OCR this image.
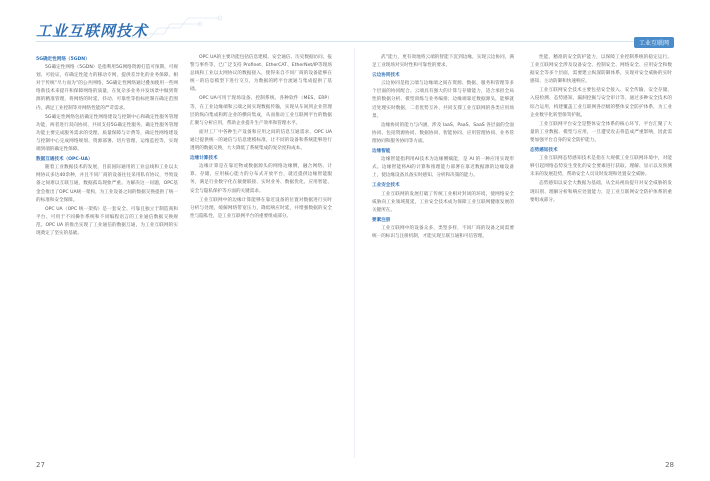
工业互联网技术
工业互联网
5G确定性网络（5GDN）

5G确定性网络（5GDN）是指利用5G网络资源打造可预期、可规划、可验证，有确定性能力的移动专网，提供差异化的业务保障。相对于传统“尽力而为”的公共网络，5G确定性网络通过叠加使用一些网络新技术来提升和保障网络的质量，在复杂多业务并发场景中做到资源的精准管理，将网络的时延、抖动、可靠性等指标控制在确定范围内，满足工业控制等对网络性能的严苛需求。

5G确定性网络包括确定性网络建设与控制中心和确定性服务管理功能，两者进行双向协同，共同支持5G确定性服务。确定性服务管理功能主要完成服务需求的受理、质量保障与计费等，确定性网络建设与控制中心完成网络规划、资源部署、切片管理、运维监控等，实现端到端的确定性保障。

数据互通技术（OPC-UA）

随着工业数据技术的发展，目前国际通用的工业总线和工业以太网协议多达40余种，并且不同厂商的设备往往采用私有协议，导致设备之间难以互联互通，数据孤岛现象严重。为解决这一问题，OPC基金会推出了OPC UA统一架构，为工业设备之间的数据交换提供了统一的标准和安全保障。

OPC UA（OPC 统一架构）是一套安全、可靠且独立于制造商和平台、可用于不同操作系统和不同编程语言的工业通信数据交换规范。OPC UA 的推出实现了工业通信的数据互通，为工业互联网的实现奠定了坚实的基础。

OPC UA的主要功能包括信息建模、安全通信、历史数据访问、报警与事件等，已广泛支持 Profinet、EtherCAT、EtherNet/IP等现场总线和工业以太网协议的数据接入，使得来自不同厂商的设备能够在统一的信息模型下进行交互，为数据的跨平台流通与集成提供了基础。

OPC UA可用于现场设备、控制系统、各种软件（MES、ERP）等，在工业边缘端和云端之间实现数据传输，实现从车间到企业管理层的纵向集成和跨企业的横向集成，从而推动工业互联网平台的数据汇聚与分析应用，帮助企业提升生产效率和管理水平。

面对工厂中各种生产设备和应用之间的信息互通需求，OPC UA 通过提供统一的通信与信息建模标准，让不同的设备和系统能够进行透明的数据交换，大大降低了系统集成的复杂度和成本。

边缘计算技术

边缘计算是在靠近物或数据源头的网络边缘侧，融合网络、计算、存储、应用核心能力的分布式开放平台，就近提供边缘智能服务，满足行业数字化在敏捷联接、实时业务、数据优化、应用智能、安全与隐私保护等方面的关键需求。

工业互联网中的边缘计算能够在靠近设备的位置对数据进行实时分析与处理，缓解网络带宽压力，降低响应时延，并增强数据的安全性与隐私性，是工业互联网平台的重要组成部分。

武”能力，更有效地将云端的智能下沉到边缘，实现云边协同，满足工业现场对实时性和可靠性的要求。

云边协同技术

云边协同是指云端与边缘端之间在资源、数据、服务和管理等多个层面的协同配合。云端具有强大的计算与存储能力，适合承担全局性的数据分析、模型训练与业务编排；边缘端靠近数据源头，能够就近处理实时数据，二者优势互补，共同支撑工业互联网的各类应用场景。

边缘协同的能力与内涵，涉及 IaaS、PaaS、SaaS 各层面的全面协同。包括资源协同、数据协同、智能协同、应用管理协同、业务管理协同和服务协同等方面。

边缘智能

边缘智能指利用AI技术为边缘侧赋能，是 AI 的一种应用实现形式。边缘智能将AI的计算和推理能力部署在靠近数据源的边缘设备上，使边缘设备具备实时感知、分析和决策的能力。

工业安全技术

工业互联网的发展打破了传统工业相对封闭的环境，使网络安全威胁向工业领域蔓延，工业安全技术成为保障工业互联网健康发展的关键所在。

要素注册

工业互联网中的设备众多，类型多样，不同厂商的设备之间需要统一的标识与注册机制，才能实现互联互通和可信管理。

性能、精准的安全防护能力，以保障工业控制系统的稳定运行。工业互联网安全涉及设备安全、控制安全、网络安全、应用安全和数据安全等多个层面，需要建立纵深防御体系，实现对安全威胁的实时感知、主动防御和快速响应。

工业互联网安全技术主要包括安全接入、安全传输、安全存储、入侵检测、态势感知、漏洞挖掘与安全审计等，通过多种安全技术的综合运用，构建覆盖工业互联网各层级的整体安全防护体系，为工业企业数字化转型保驾护航。

工业互联网平台安全是整体安全体系的核心环节，平台汇聚了大量的工业数据、模型与应用，一旦遭受攻击将造成严重影响，因此需要加强平台自身的安全防护能力。

态势感知技术

工业互联网态势感知技术是指在大规模工业互联网环境中，对能够引起网络态势发生变化的安全要素进行获取、理解、显示以及预测未来的发展趋势，帮助安全人员及时发现和处置安全威胁。

态势感知以安全大数据为基础，从全局视角提升对安全威胁的发现识别、理解分析和响应处置能力，是工业互联网安全防护体系的重要组成部分。

27	28
